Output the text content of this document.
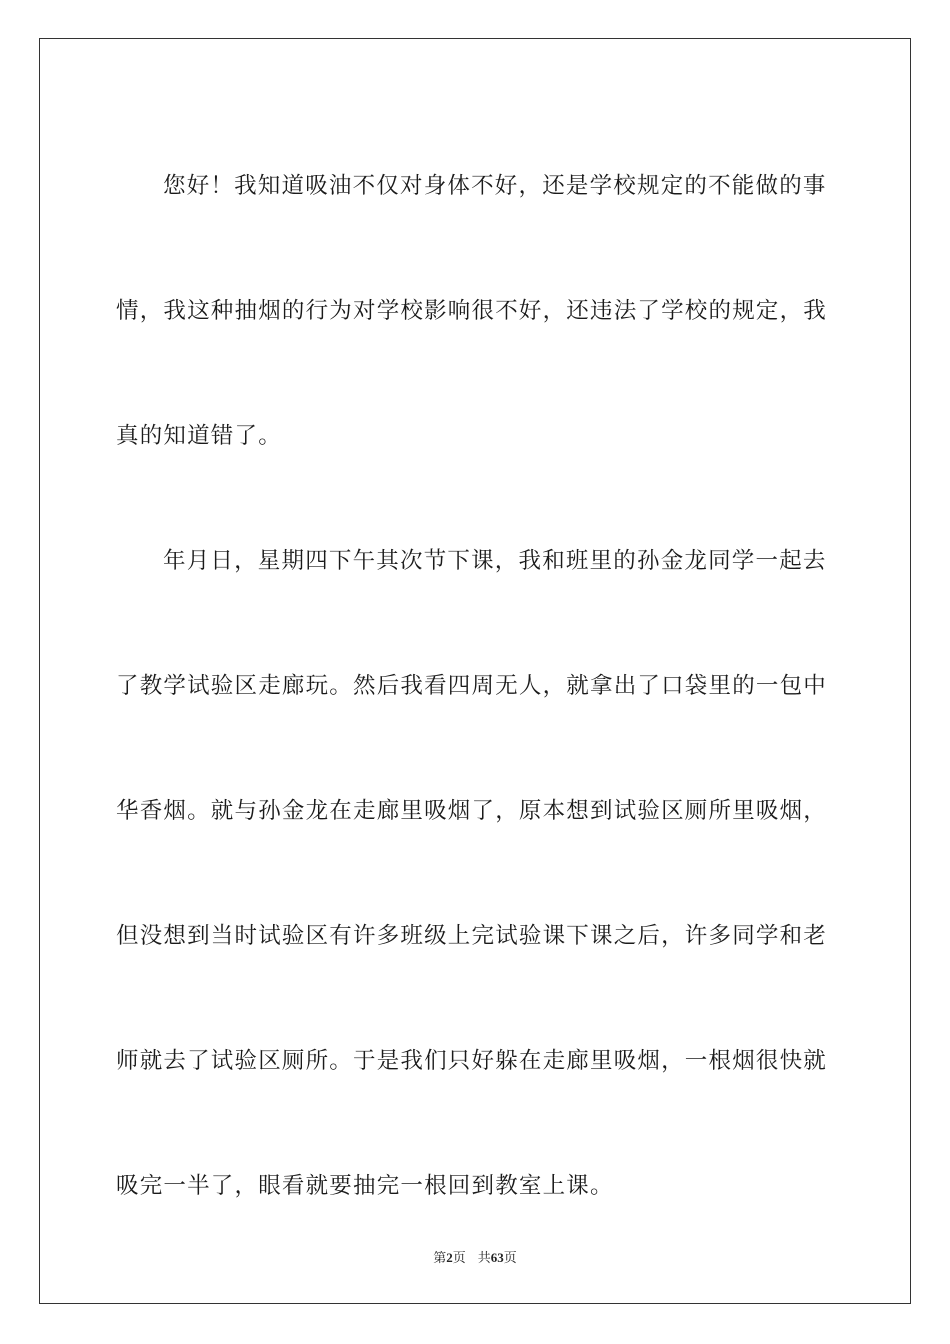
您好！我知道吸油不仅对身体不好，还是学校规定的不能做的事
情，我这种抽烟的行为对学校影响很不好，还违法了学校的规定，我
真的知道错了。
年月日，星期四下午其次节下课，我和班里的孙金龙同学一起去
了教学试验区走廊玩。然后我看四周无人，就拿出了口袋里的一包中
华香烟。就与孙金龙在走廊里吸烟了，原本想到试验区厕所里吸烟，
但没想到当时试验区有许多班级上完试验课下课之后，许多同学和老
师就去了试验区厕所。于是我们只好躲在走廊里吸烟，一根烟很快就
吸完一半了，眼看就要抽完一根回到教室上课。
第2页 共63页
